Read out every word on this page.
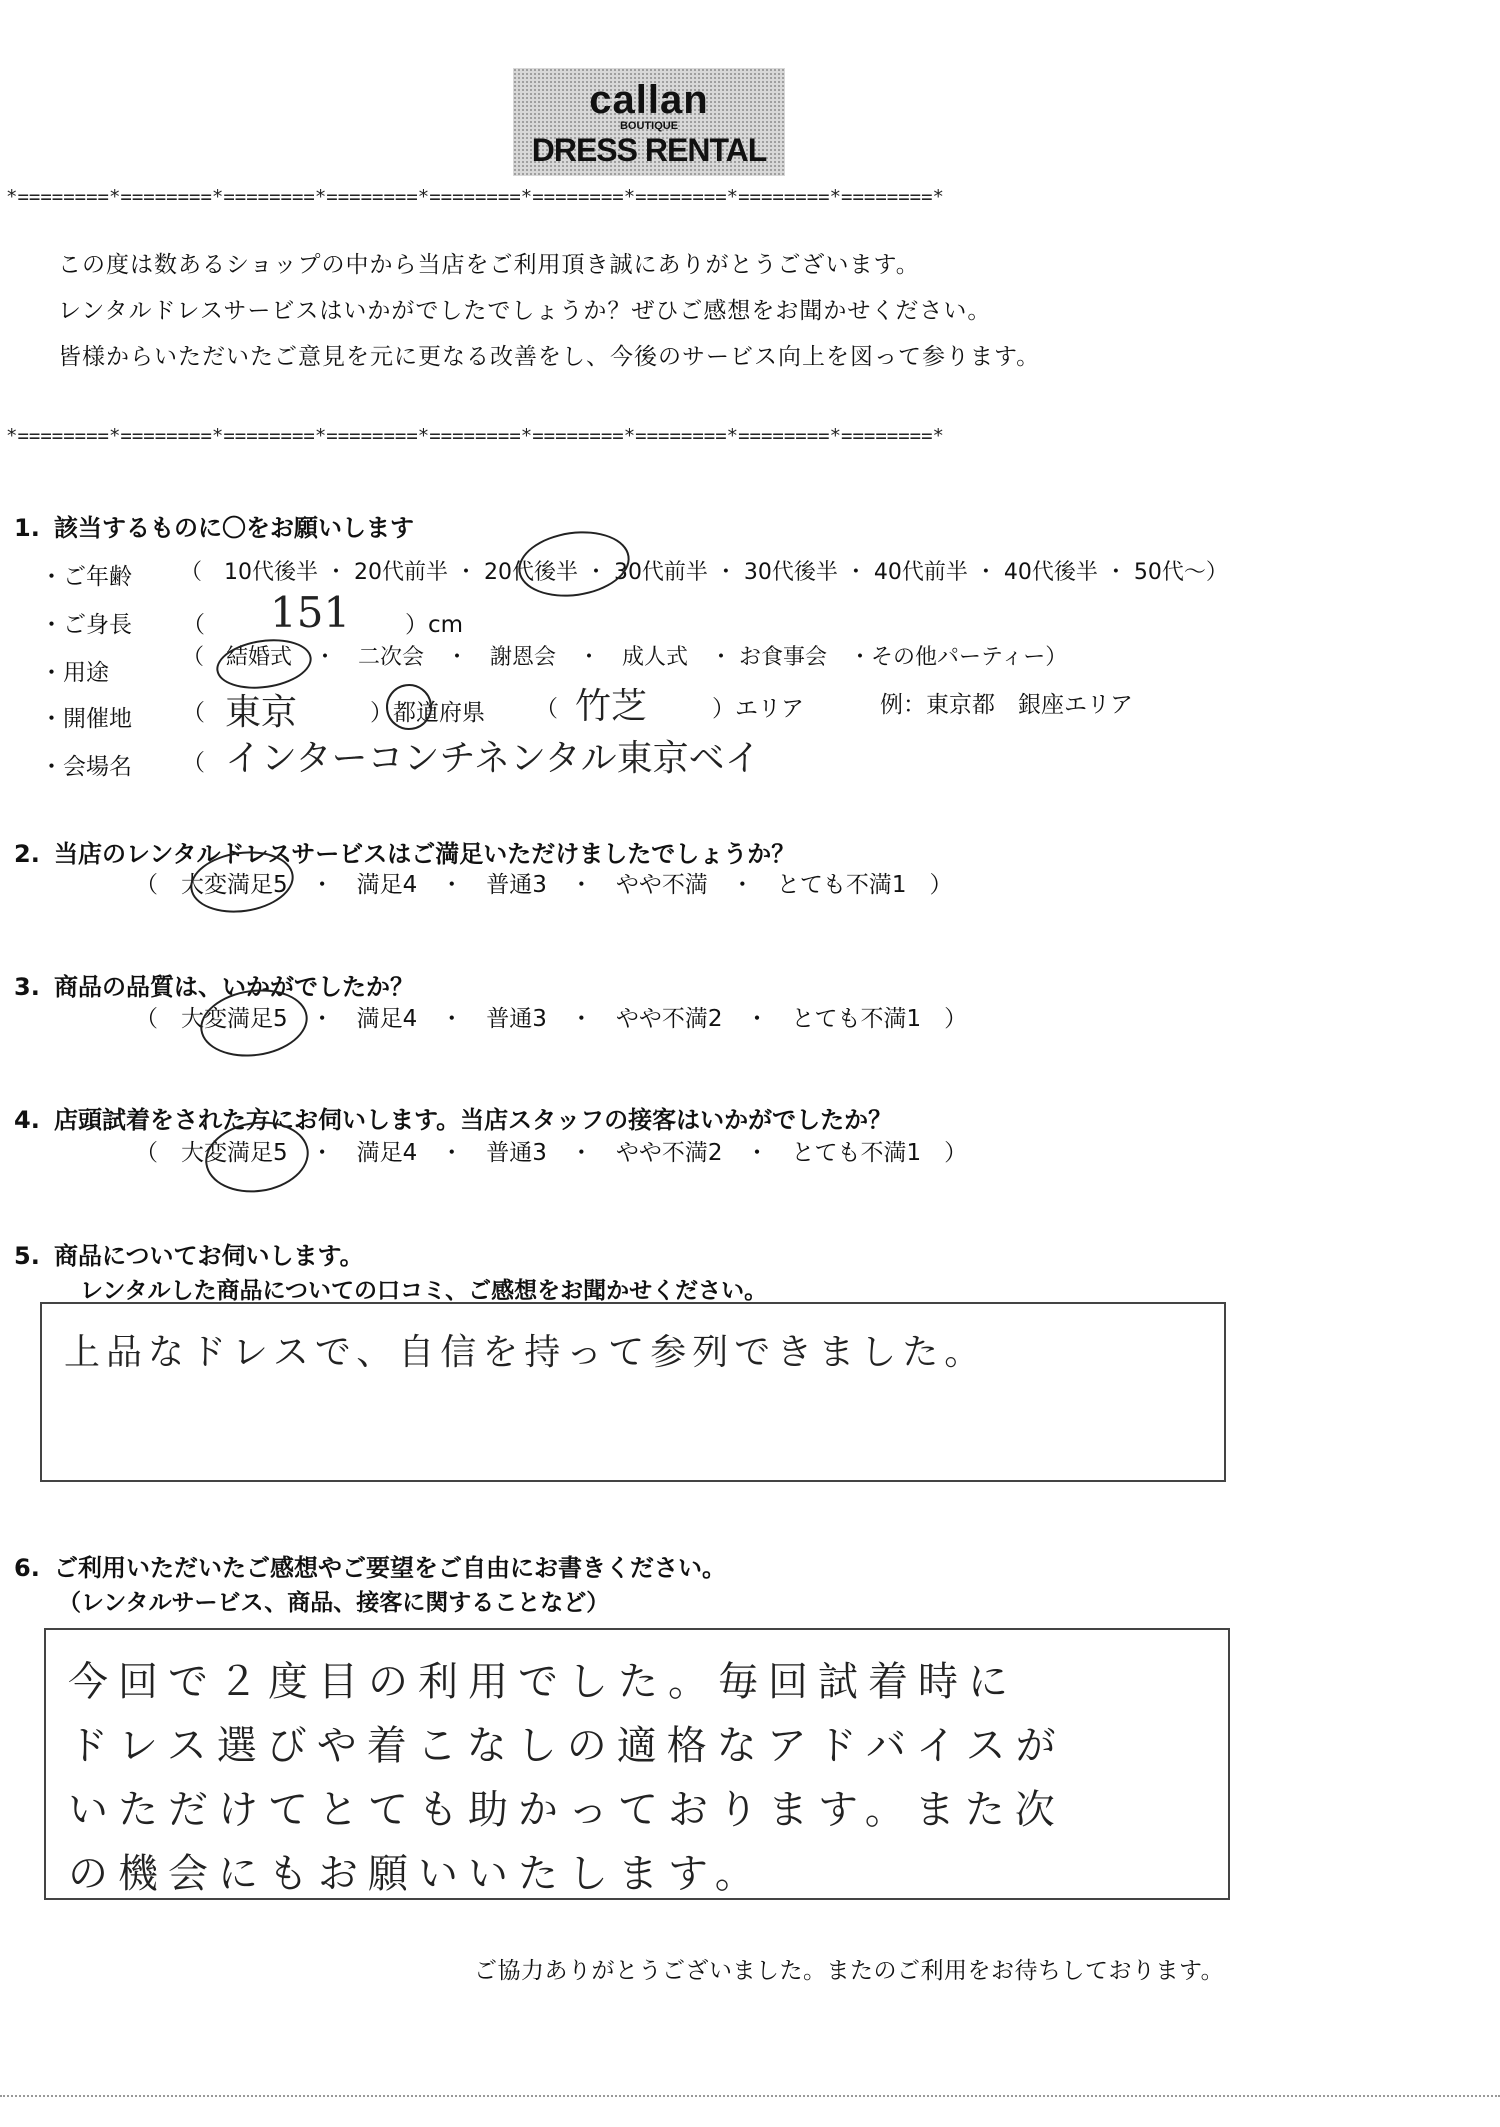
callan
BOUTIQUE
DRESS RENTAL
*========*========*========*========*========*========*========*========*========*
この度は数あるショップの中から当店をご利用頂き誠にありがとうございます。
レンタルドレスサービスはいかがでしたでしょうか？ぜひご感想をお聞かせください。
皆様からいただいたご意見を元に更なる改善をし、今後のサービス向上を図って参ります。
*========*========*========*========*========*========*========*========*========*
1. 該当するものに〇をお願いします
・ご年齢 （　10代後半 ・ 20代前半 ・ 20代後半 ・ 30代前半 ・ 30代後半 ・ 40代前半 ・ 40代後半 ・ 50代～）
・ご身長 （ 151 ）cm
・用途
（　結婚式　・　二次会　・　謝恩会　・　成人式　・ お食事会　・その他パーティー）
・開催地 （ 東京	）都道府県 （ 竹芝	）エリア	例：東京都　銀座エリア
・会場名 （ インターコンチネンタル東京ベイ
2. 当店のレンタルドレスサービスはご満足いただけましたでしょうか？
（　大変満足5　・　満足4　・　普通3　・　やや不満　・　とても不満1　）
3. 商品の品質は、いかがでしたか？
（　大変満足5　・　満足4　・　普通3　・　やや不満2　・　とても不満1　）
4. 店頭試着をされた方にお伺いします。当店スタッフの接客はいかがでしたか？
（　大変満足5　・　満足4　・　普通3　・　やや不満2　・　とても不満1　）
5. 商品についてお伺いします。
レンタルした商品についての口コミ、ご感想をお聞かせください。
上品なドレスで、自信を持って参列できました。
6. ご利用いただいたご感想やご要望をご自由にお書きください。
（レンタルサービス、商品、接客に関することなど）
今回で２度目の利用でした。毎回試着時に
ドレス選びや着こなしの適格なアドバイスが
いただけてとても助かっております。また次
の機会にもお願いいたします。
ご協力ありがとうございました。またのご利用をお待ちしております。
